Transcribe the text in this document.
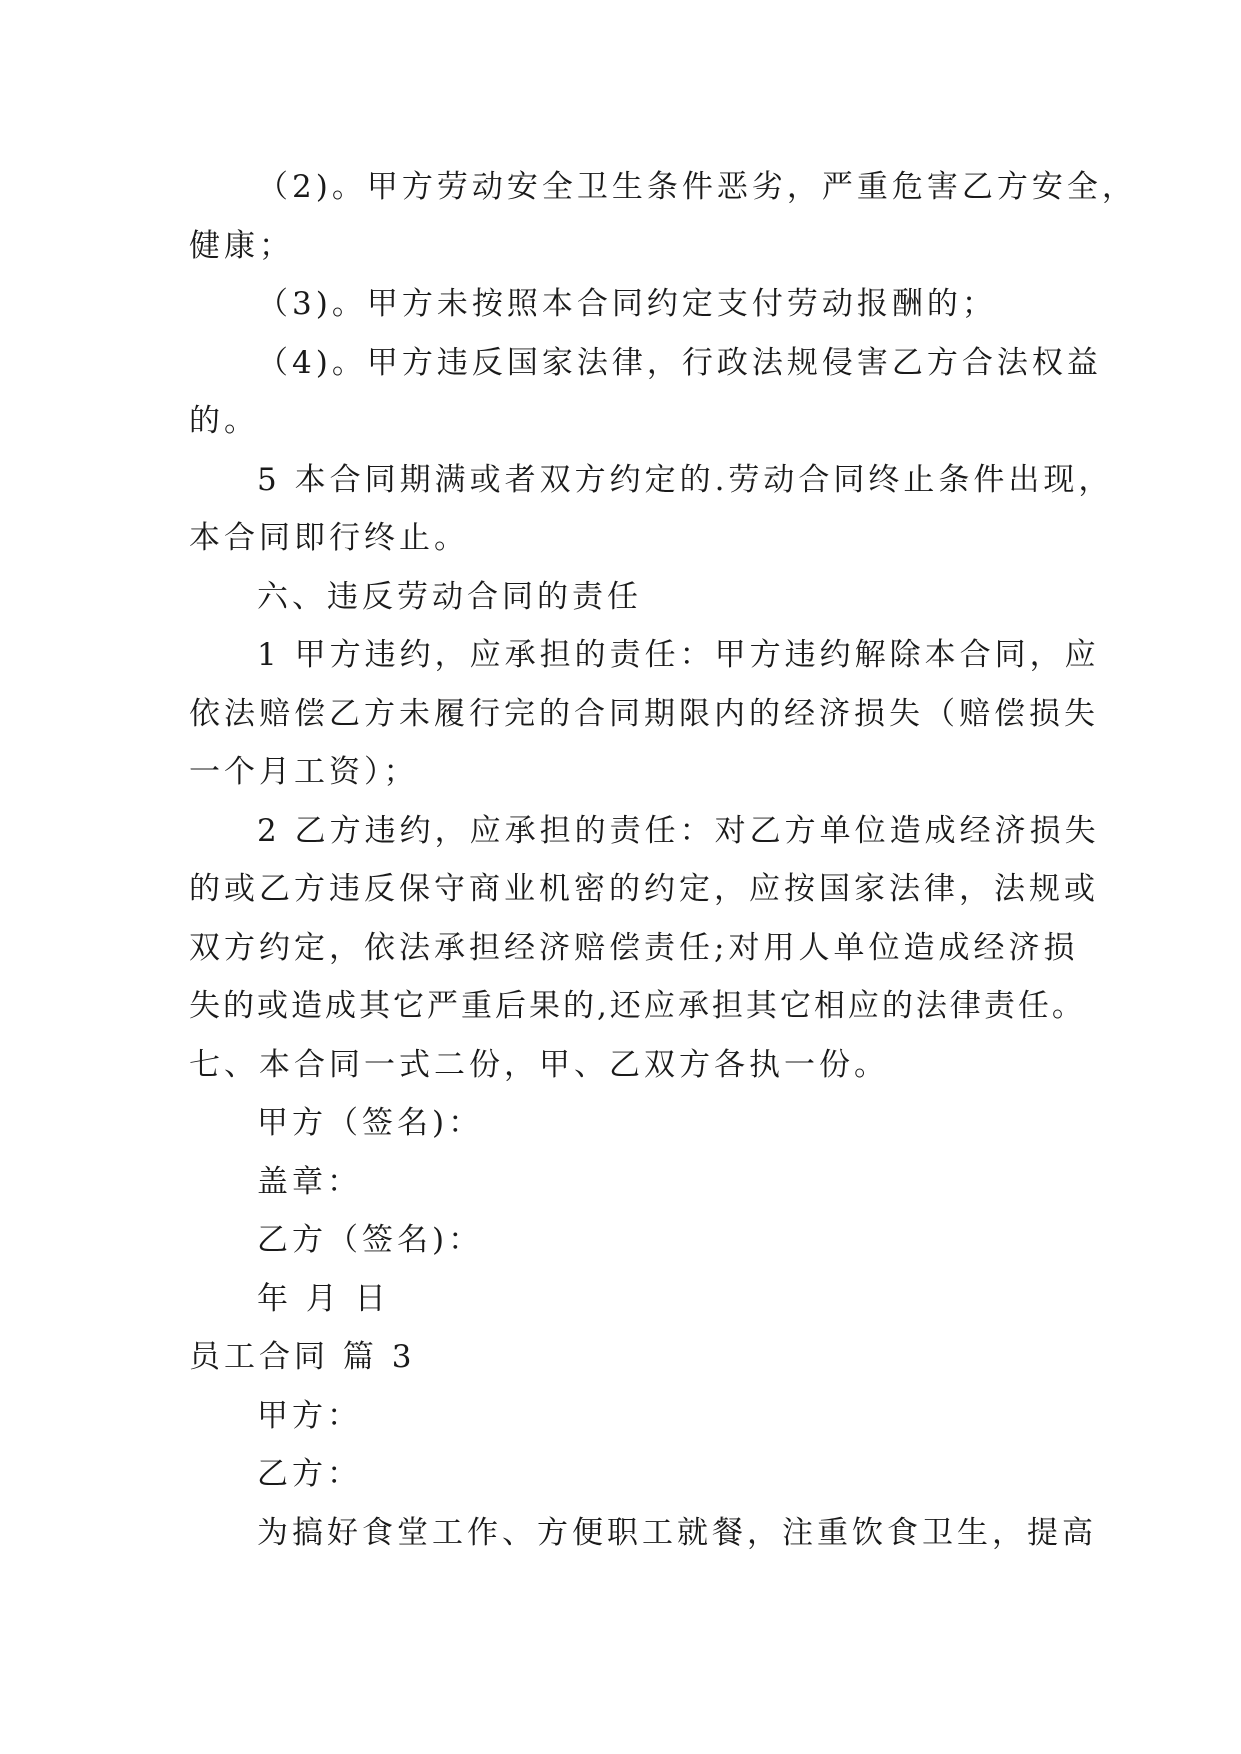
（2)。甲方劳动安全卫生条件恶劣，严重危害乙方安全，
健康；
（3)。甲方未按照本合同约定支付劳动报酬的；
（4)。甲方违反国家法律，行政法规侵害乙方合法权益
的。
5 本合同期满或者双方约定的.劳动合同终止条件出现，
本合同即行终止。
六、违反劳动合同的责任
1 甲方违约，应承担的责任：甲方违约解除本合同，应
依法赔偿乙方未履行完的合同期限内的经济损失（赔偿损失
一个月工资）；
2 乙方违约，应承担的责任：对乙方单位造成经济损失
的或乙方违反保守商业机密的约定，应按国家法律，法规或
双方约定，依法承担经济赔偿责任;对用人单位造成经济损
失的或造成其它严重后果的,还应承担其它相应的法律责任。
七、本合同一式二份，甲、乙双方各执一份。
甲方（签名)：
盖章：
乙方（签名)：
年 月 日
员工合同 篇 3
甲方：
乙方：
为搞好食堂工作、方便职工就餐，注重饮食卫生，提高
